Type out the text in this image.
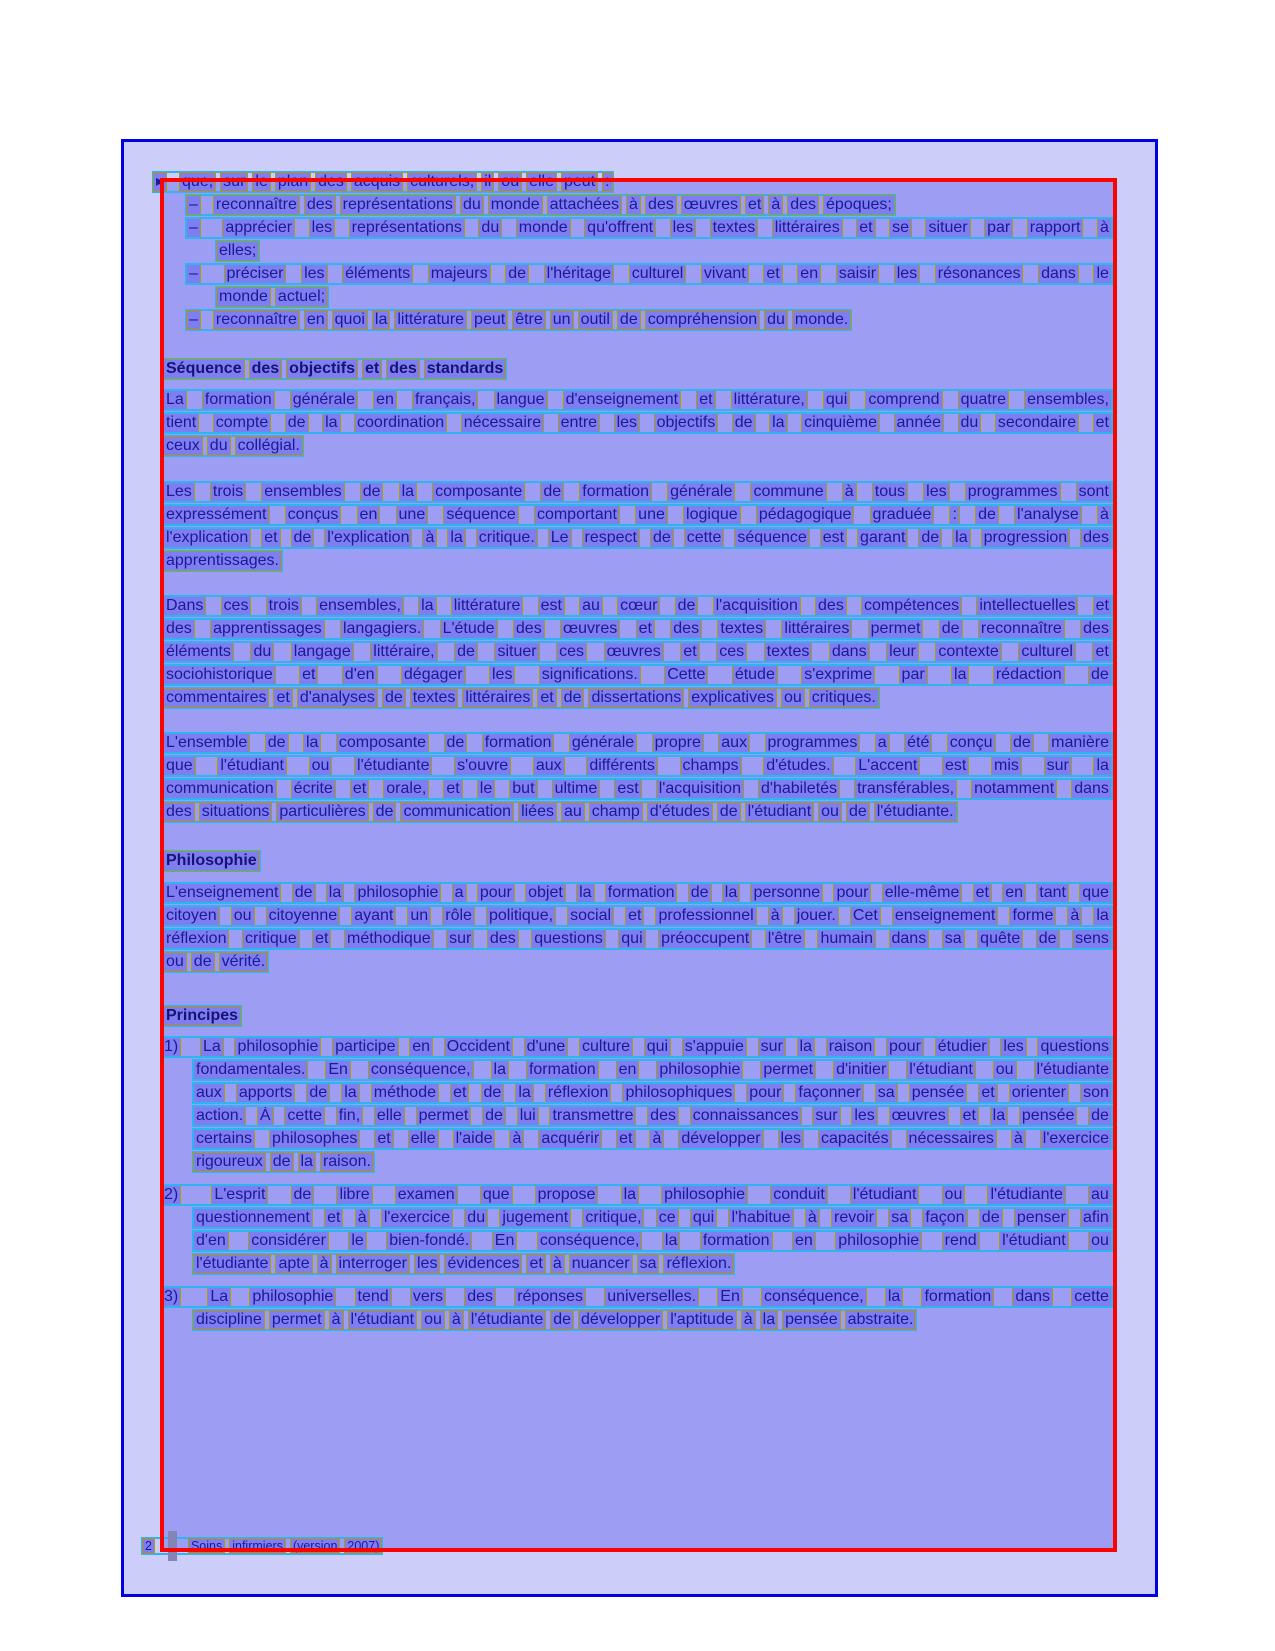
▸ que, sur le plan des acquis culturels, il ou elle peut :
– reconnaître des représentations du monde attachées à des œuvres et à des époques;
– apprécier les représentations du monde qu'offrent les textes littéraires et se situer par rapport à
elles;
– préciser les éléments majeurs de l'héritage culturel vivant et en saisir les résonances dans le
monde actuel;
– reconnaître en quoi la littérature peut être un outil de compréhension du monde.
Séquence des objectifs et des standards
La formation générale en français, langue d'enseignement et littérature, qui comprend quatre ensembles,
tient compte de la coordination nécessaire entre les objectifs de la cinquième année du secondaire et
ceux du collégial.
Les trois ensembles de la composante de formation générale commune à tous les programmes sont
expressément conçus en une séquence comportant une logique pédagogique graduée : de l'analyse à
l'explication et de l'explication à la critique. Le respect de cette séquence est garant de la progression des
apprentissages.
Dans ces trois ensembles, la littérature est au cœur de l'acquisition des compétences intellectuelles et
des apprentissages langagiers. L'étude des œuvres et des textes littéraires permet de reconnaître des
éléments du langage littéraire, de situer ces œuvres et ces textes dans leur contexte culturel et
sociohistorique et d'en dégager les significations. Cette étude s'exprime par la rédaction de
commentaires et d'analyses de textes littéraires et de dissertations explicatives ou critiques.
L'ensemble de la composante de formation générale propre aux programmes a été conçu de manière
que l'étudiant ou l'étudiante s'ouvre aux différents champs d'études. L'accent est mis sur la
communication écrite et orale, et le but ultime est l'acquisition d'habiletés transférables, notamment dans
des situations particulières de communication liées au champ d'études de l'étudiant ou de l'étudiante.
Philosophie
L'enseignement de la philosophie a pour objet la formation de la personne pour elle-même et en tant que
citoyen ou citoyenne ayant un rôle politique, social et professionnel à jouer. Cet enseignement forme à la
réflexion critique et méthodique sur des questions qui préoccupent l'être humain dans sa quête de sens
ou de vérité.
Principes
1) La philosophie participe en Occident d'une culture qui s'appuie sur la raison pour étudier les questions
fondamentales. En conséquence, la formation en philosophie permet d'initier l'étudiant ou l'étudiante
aux apports de la méthode et de la réflexion philosophiques pour façonner sa pensée et orienter son
action. À cette fin, elle permet de lui transmettre des connaissances sur les œuvres et la pensée de
certains philosophes et elle l'aide à acquérir et à développer les capacités nécessaires à l'exercice
rigoureux de la raison.
2) L'esprit de libre examen que propose la philosophie conduit l'étudiant ou l'étudiante au
questionnement et à l'exercice du jugement critique, ce qui l'habitue à revoir sa façon de penser afin
d'en considérer le bien-fondé. En conséquence, la formation en philosophie rend l'étudiant ou
l'étudiante apte à interroger les évidences et à nuancer sa réflexion.
3) La philosophie tend vers des réponses universelles. En conséquence, la formation dans cette
discipline permet à l'étudiant ou à l'étudiante de développer l'aptitude à la pensée abstraite.
2	Soins infirmiers (version 2007)
